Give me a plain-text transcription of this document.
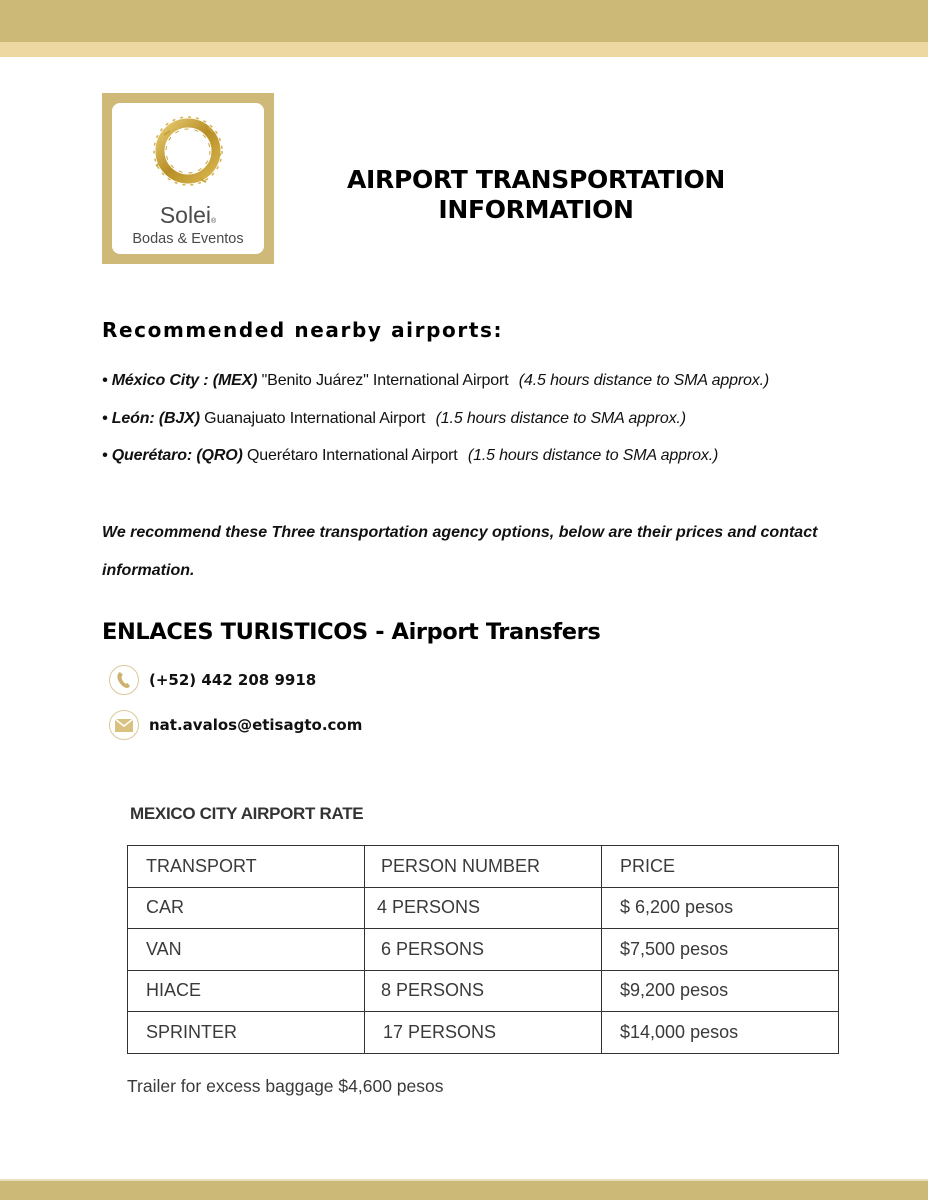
Solei®
Bodas & Eventos
AIRPORT TRANSPORTATION INFORMATION
Recommended nearby airports:
• México City : (MEX) "Benito Juárez" International Airport (4.5 hours distance to SMA approx.)
• León: (BJX) Guanajuato International Airport (1.5 hours distance to SMA approx.)
• Querétaro: (QRO) Querétaro International Airport (1.5 hours distance to SMA approx.)

We recommend these Three transportation agency options, below are their prices and contact information.

ENLACES TURISTICOS - Airport Transfers
(+52) 442 208 9918
nat.avalos@etisagto.com
MEXICO CITY AIRPORT RATE
TRANSPORT	PERSON NUMBER	PRICE
CAR	4 PERSONS	$ 6,200 pesos
VAN	6 PERSONS	$7,500 pesos
HIACE	8 PERSONS	$9,200 pesos
SPRINTER	17 PERSONS	$14,000 pesos

Trailer for excess baggage $4,600 pesos
